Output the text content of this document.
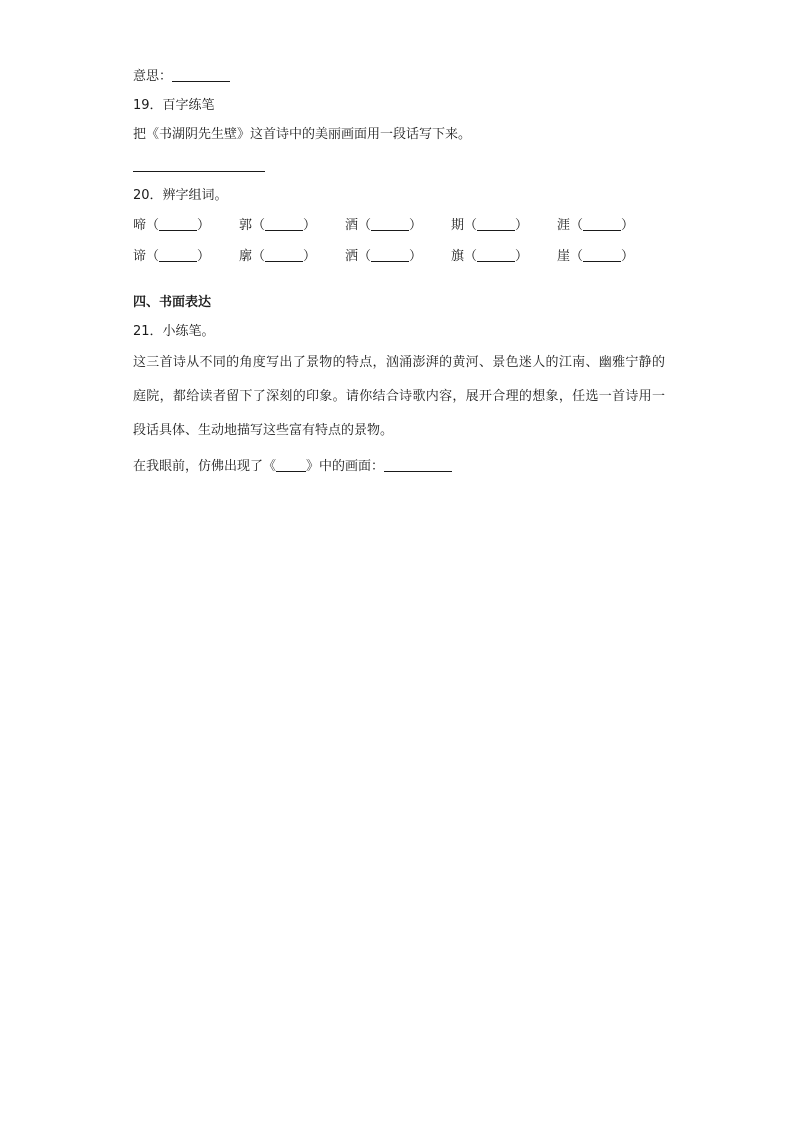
意思：
19．百字练笔
把《书湖阴先生壁》这首诗中的美丽画面用一段话写下来。
20．辨字组词。
啼（	）	郭（	）	酒（	）	期（	）	涯（	）
谛（	）	廓（	）	洒（	）	旗（	）	崖（	）
四、书面表达
21．小练笔。
这三首诗从不同的角度写出了景物的特点，汹涌澎湃的黄河、景色迷人的江南、幽雅宁静的庭院，都给读者留下了深刻的印象。请你结合诗歌内容，展开合理的想象，任选一首诗用一段话具体、生动地描写这些富有特点的景物。
在我眼前，仿佛出现了《 》中的画面：
